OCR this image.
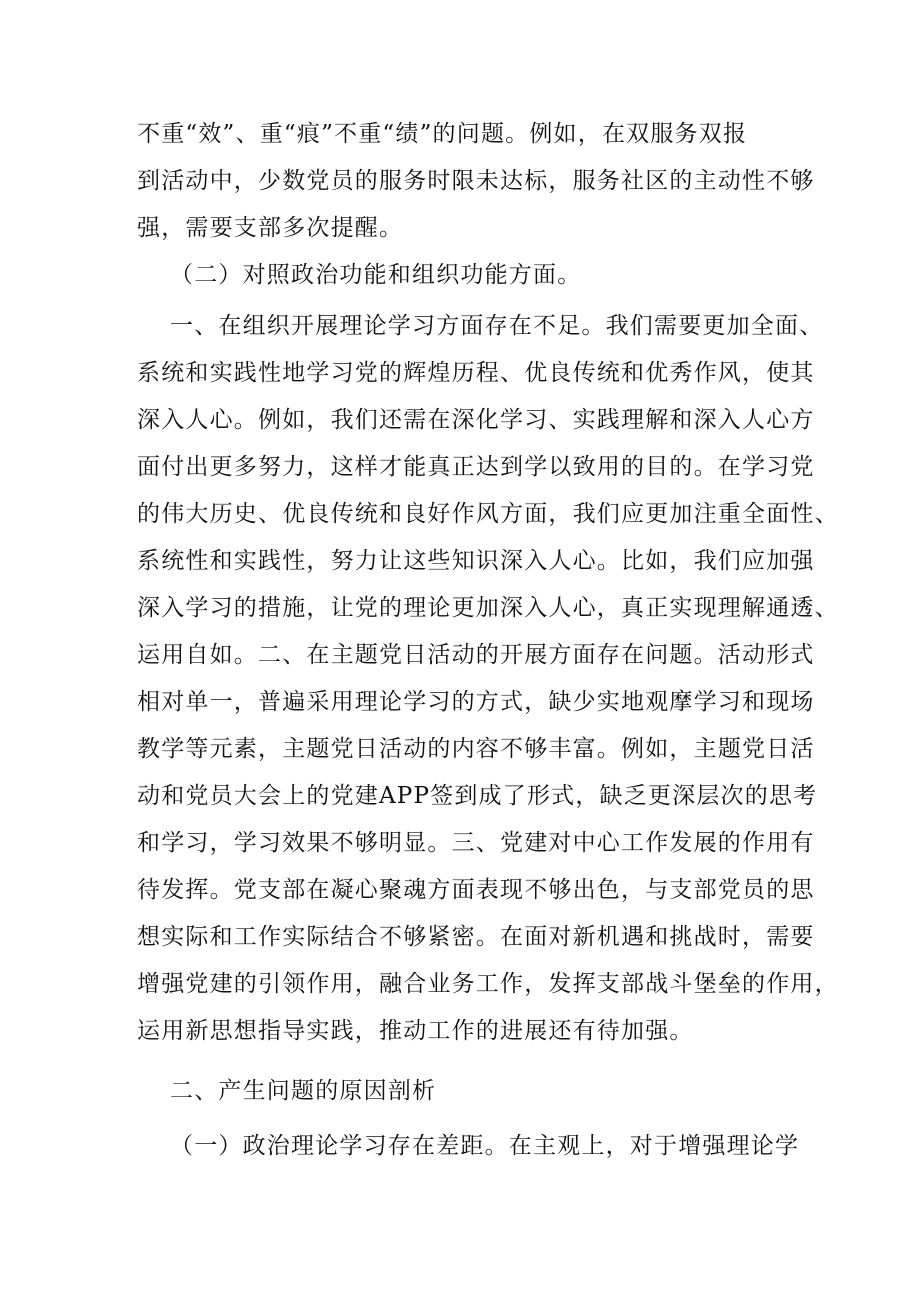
不重“效”、重“痕”不重“绩”的问题。例如，在双服务双报
到活动中，少数党员的服务时限未达标，服务社区的主动性不够
强，需要支部多次提醒。
（二）对照政治功能和组织功能方面。
一、在组织开展理论学习方面存在不足。我们需要更加全面、
系统和实践性地学习党的辉煌历程、优良传统和优秀作风，使其
深入人心。例如，我们还需在深化学习、实践理解和深入人心方
面付出更多努力，这样才能真正达到学以致用的目的。在学习党
的伟大历史、优良传统和良好作风方面，我们应更加注重全面性、
系统性和实践性，努力让这些知识深入人心。比如，我们应加强
深入学习的措施，让党的理论更加深入人心，真正实现理解通透、
运用自如。二、在主题党日活动的开展方面存在问题。活动形式
相对单一，普遍采用理论学习的方式，缺少实地观摩学习和现场
教学等元素，主题党日活动的内容不够丰富。例如，主题党日活
动和党员大会上的党建APP签到成了形式，缺乏更深层次的思考
和学习，学习效果不够明显。三、党建对中心工作发展的作用有
待发挥。党支部在凝心聚魂方面表现不够出色，与支部党员的思
想实际和工作实际结合不够紧密。在面对新机遇和挑战时，需要
增强党建的引领作用，融合业务工作，发挥支部战斗堡垒的作用，
运用新思想指导实践，推动工作的进展还有待加强。
二、产生问题的原因剖析
（一）政治理论学习存在差距。在主观上，对于增强理论学
